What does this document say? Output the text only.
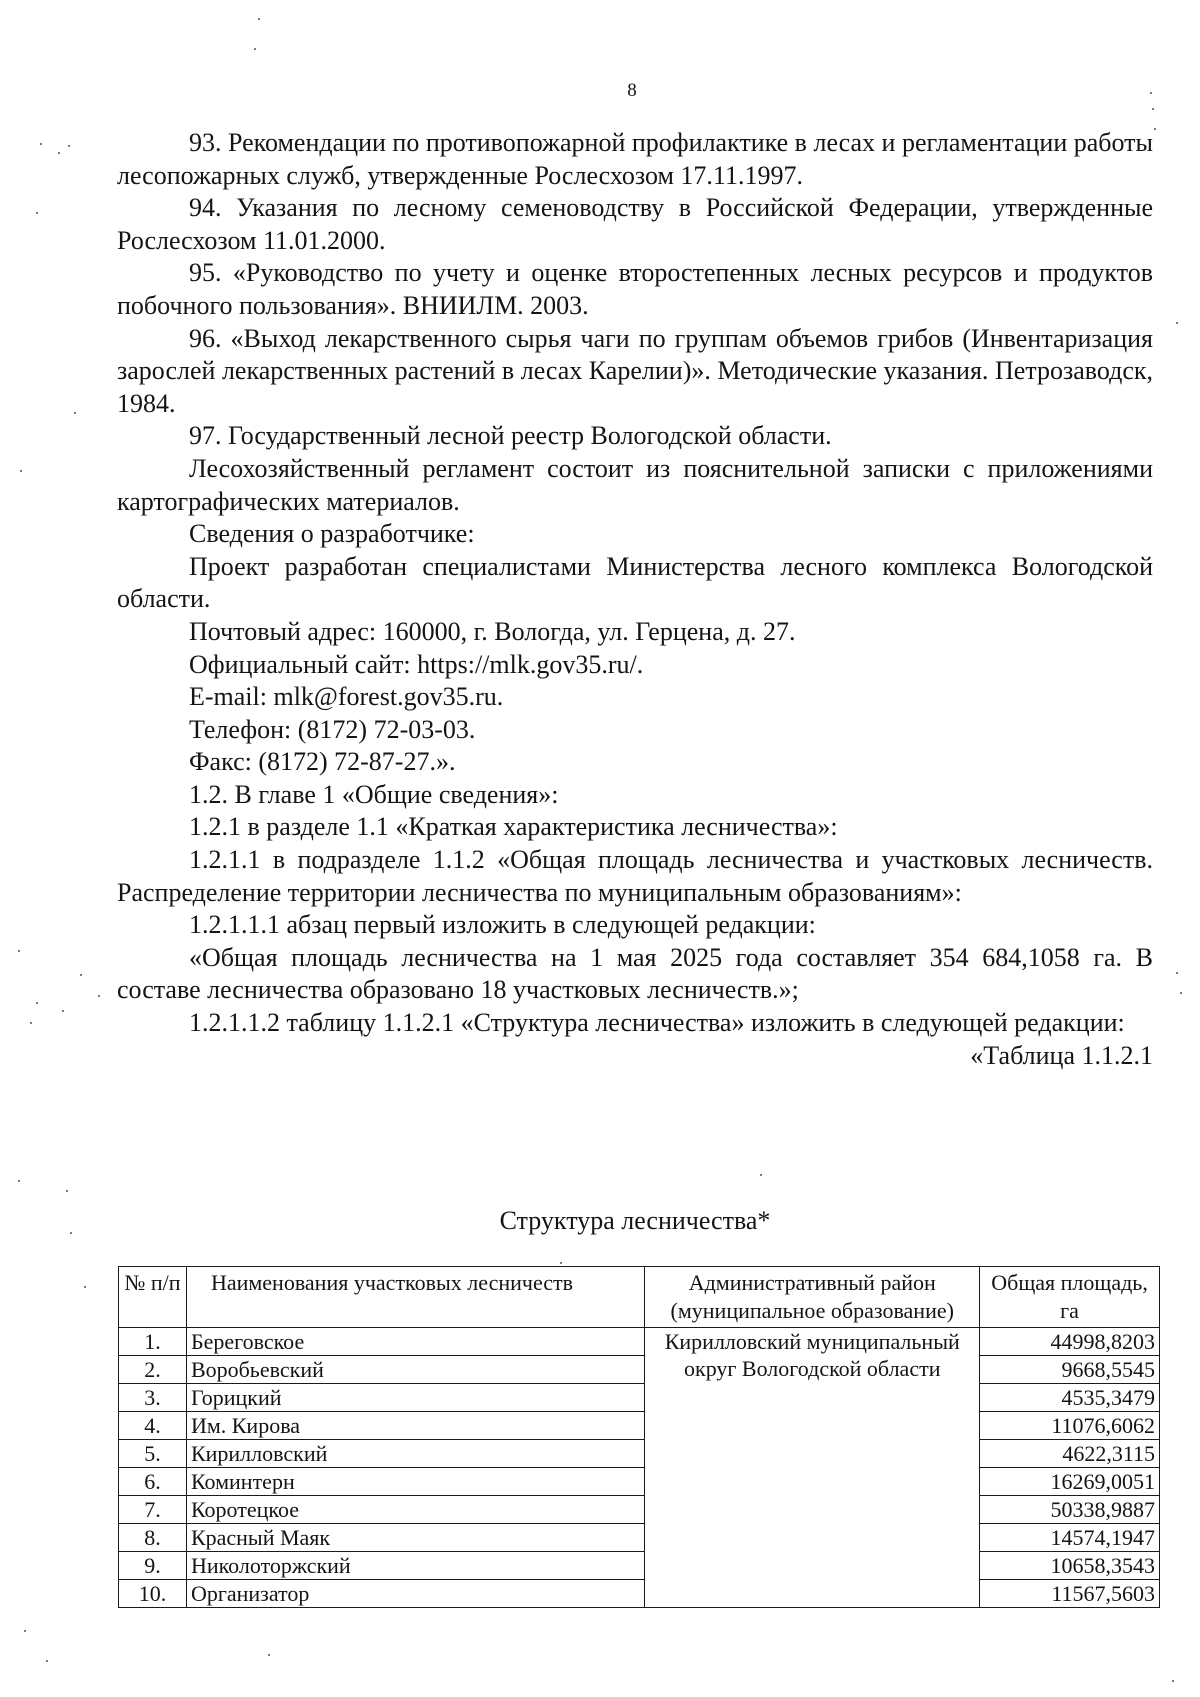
8

93. Рекомендации по противопожарной профилактике в лесах и регламентации работы лесопожарных служб, утвержденные Рослесхозом 17.11.1997.

94. Указания по лесному семеноводству в Российской Федерации, утвержденные Рослесхозом 11.01.2000.

95. «Руководство по учету и оценке второстепенных лесных ресурсов и продуктов побочного пользования». ВНИИЛМ. 2003.

96. «Выход лекарственного сырья чаги по группам объемов грибов (Инвентаризация зарослей лекарственных растений в лесах Карелии)». Методические указания. Петрозаводск, 1984.

97. Государственный лесной реестр Вологодской области.

Лесохозяйственный регламент состоит из пояснительной записки с приложениями картографических материалов.

Сведения о разработчике:

Проект разработан специалистами Министерства лесного комплекса Вологодской области.

Почтовый адрес: 160000, г. Вологда, ул. Герцена, д. 27.

Официальный сайт: https://mlk.gov35.ru/.

E-mail: mlk@forest.gov35.ru.

Телефон: (8172) 72-03-03.

Факс: (8172) 72-87-27.».

1.2. В главе 1 «Общие сведения»:

1.2.1 в разделе 1.1 «Краткая характеристика лесничества»:

1.2.1.1 в подразделе 1.1.2 «Общая площадь лесничества и участковых лесничеств. Распределение территории лесничества по муниципальным образованиям»:

1.2.1.1.1 абзац первый изложить в следующей редакции:

«Общая площадь лесничества на 1 мая 2025 года составляет 354 684,1058 га. В составе лесничества образовано 18 участковых лесничеств.»;

1.2.1.1.2 таблицу 1.1.2.1 «Структура лесничества» изложить в следующей редакции:

«Таблица 1.1.2.1

Структура лесничества*
№ п/п	Наименования участковых лесничеств	Административный район (муниципальное образование)	Общая площадь, га
1.	Береговское	Кирилловский муниципальный округ Вологодской области	44998,8203
2.	Воробьевский		9668,5545
3.	Горицкий		4535,3479
4.	Им. Кирова		11076,6062
5.	Кирилловский		4622,3115
6.	Коминтерн		16269,0051
7.	Коротецкое		50338,9887
8.	Красный Маяк		14574,1947
9.	Николоторжский		10658,3543
10.	Организатор		11567,5603
